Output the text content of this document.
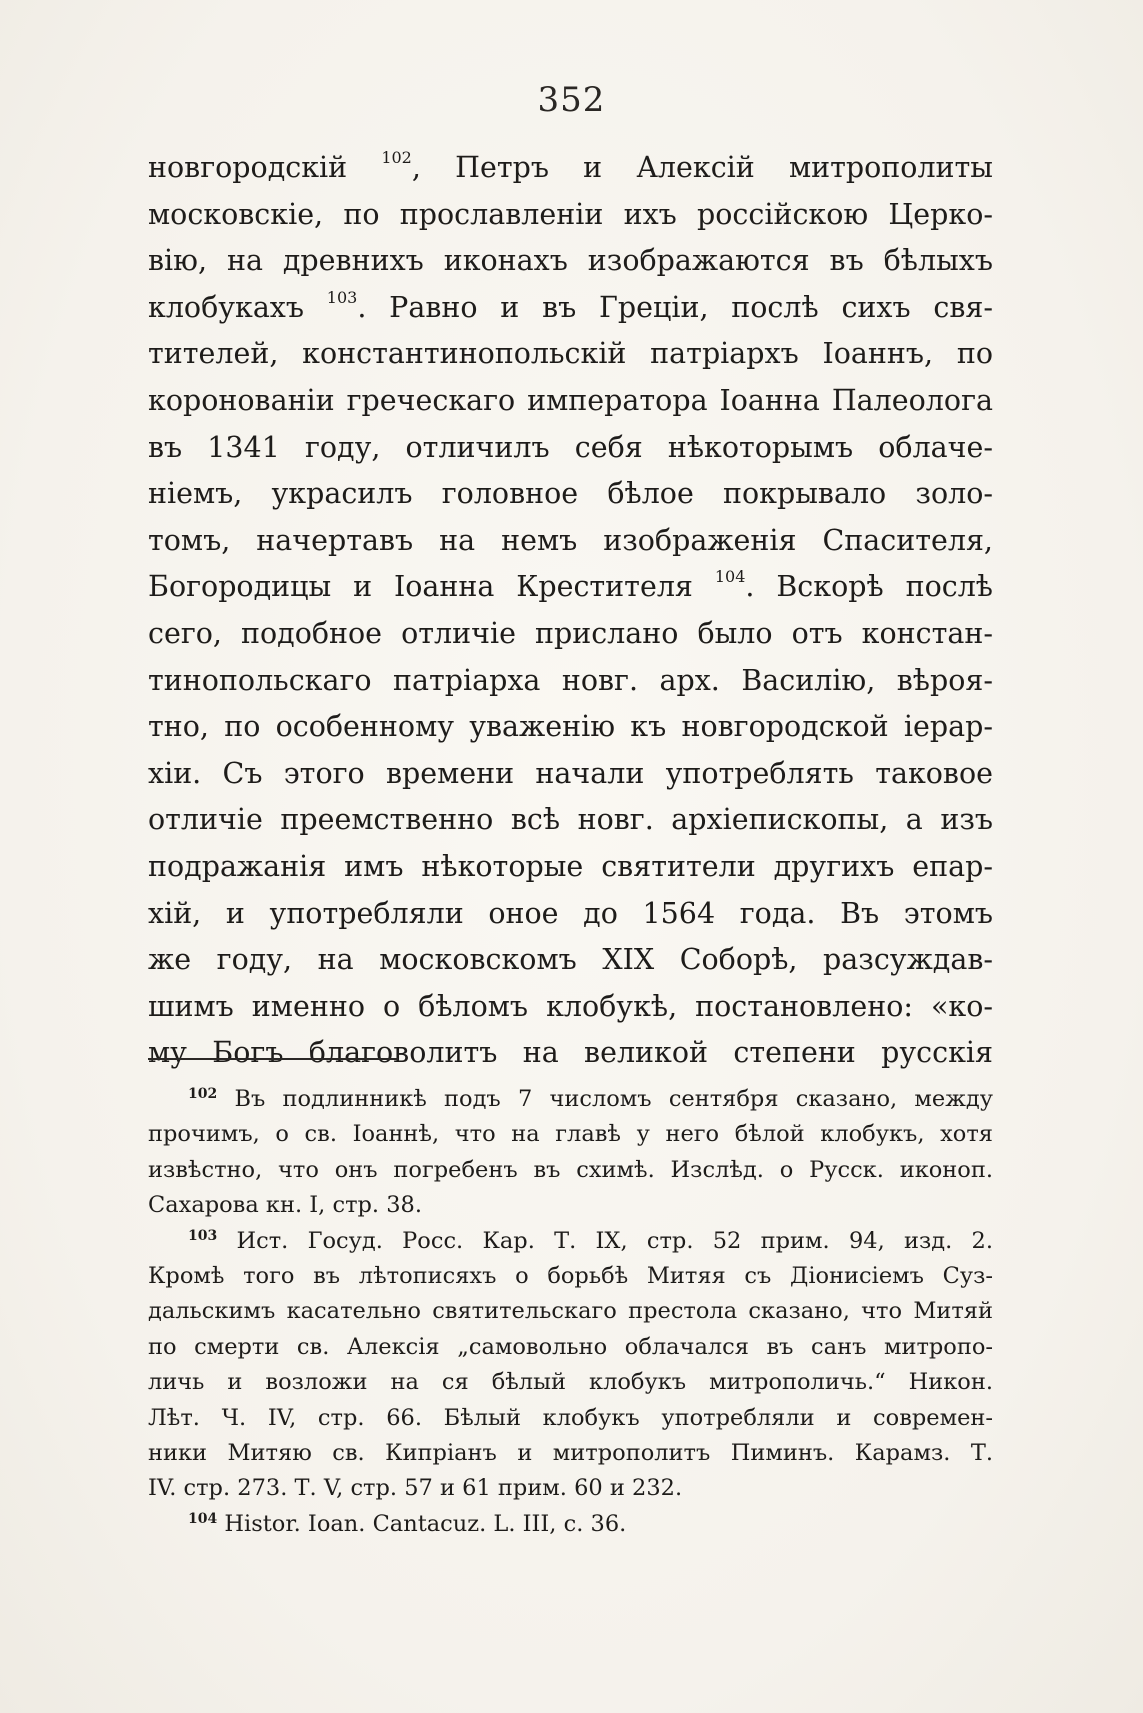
352
новгородскій $^{102}$, Петръ и Алексій митрополиты
московскіе, по прославленіи ихъ россійскою Церко-
вію, на древнихъ иконахъ изображаются въ бѣлыхъ
клобукахъ $^{103}$. Равно и въ Греціи, послѣ сихъ свя-
тителей, константинопольскій патріархъ Іоаннъ, по
коронованіи греческаго императора Іоанна Палеолога
въ 1341 году, отличилъ себя нѣкоторымъ облаче-
ніемъ, украсилъ головное бѣлое покрывало золо-
томъ, начертавъ на немъ изображенія Спасителя,
Богородицы и Іоанна Крестителя $^{104}$. Вскорѣ послѣ
сего, подобное отличіе прислано было отъ констан-
тинопольскаго патріарха новг. арх. Василію, вѣроя-
тно, по особенному уваженію къ новгородской іерар-
хіи. Съ этого времени начали употреблять таковое
отличіе преемственно всѣ новг. архіепископы, а изъ
подражанія имъ нѣкоторые святители другихъ епар-
хій, и употребляли оное до 1564 года. Въ этомъ
же году, на московскомъ XIX Соборѣ, разсуждав-
шимъ именно о бѣломъ клобукѣ, постановлено: «ко-
му Богъ благоволитъ на великой степени русскія
$^{102}$ Въ подлинникѣ подъ 7 числомъ сентября сказано, между
прочимъ, о св. Іоаннѣ, что на главѣ у него бѣлой клобукъ, хотя
извѣстно, что онъ погребенъ въ схимѣ. Изслѣд. о Русск. иконоп.
Сахарова кн. I, стр. 38.
$^{103}$ Ист. Госуд. Росс. Кар. Т. IX, стр. 52 прим. 94, изд. 2.
Кромѣ того въ лѣтописяхъ о борьбѣ Митяя съ Діонисіемъ Суз-
дальскимъ касательно святительскаго престола сказано, что Митяй
по смерти св. Алексія „самовольно облачался въ санъ митропо-
личь и возложи на ся бѣлый клобукъ митрополичь.“ Никон.
Лѣт. Ч. IV, стр. 66. Бѣлый клобукъ употребляли и современ-
ники Митяю св. Кипріанъ и митрополитъ Пиминъ. Карамз. Т.
IV. стр. 273. Т. V, стр. 57 и 61 прим. 60 и 232.
$^{104}$ Histor. Ioan. Cantacuz. L. III, c. 36.
